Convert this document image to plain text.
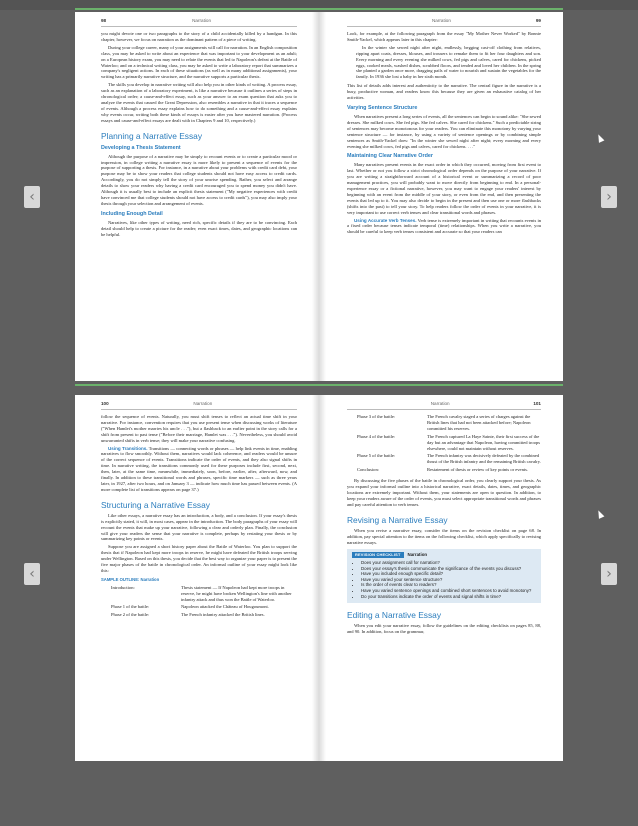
98	Narration

you might devote one or two paragraphs to the story of a child accidentally killed by a handgun. In this chapter, however, we focus on narration as the dominant pattern of a piece of writing.

During your college career, many of your assignments will call for narration. In an English composition class, you may be asked to write about an experience that was important to your development as an adult; on a European history exam, you may need to relate the events that led to Napoleon's defeat at the Battle of Waterloo; and on a technical writing class, you may be asked to write a laboratory report that summarizes a company's negligent actions. In each of these situations (as well as in many additional assignments), your writing has a primarily narrative structure, and the narrative supports a particular thesis.

The skills you develop in narrative writing will also help you in other kinds of writing. A process essay, such as an explanation of a laboratory experiment, is like a narrative because it outlines a series of steps in chronological order; a cause-and-effect essay, such as your answer to an exam question that asks you to analyze the events that caused the Great Depression, also resembles a narrative in that it traces a sequence of events. Although a process essay explains how to do something and a cause-and-effect essay explains why events occur, writing both these kinds of essays is easier after you have mastered narration. (Process essays and cause-and-effect essays are dealt with in Chapters 9 and 10, respectively.)

Planning a Narrative Essay
Developing a Thesis Statement

Although the purpose of a narrative may be simply to recount events or to create a particular mood or impression, in college writing a narrative essay is more likely to present a sequence of events for the purpose of supporting a thesis. For instance, in a narrative about your problems with credit card debt, your purpose may be to show your readers that college students should not have easy access to credit cards. Accordingly, you do not simply tell the story of your unwise spending. Rather, you select and arrange details to show your readers why having a credit card encouraged you to spend money you didn't have. Although it is usually best to include an explicit thesis statement ("My negative experiences with credit have convinced me that college students should not have access to credit cards"), you may also imply your thesis through your selection and arrangement of events.

Including Enough Detail

Narratives, like other types of writing, need rich, specific details if they are to be convincing. Each detail should help to create a picture for the reader; even exact times, dates, and geographic locations can be helpful.

Narration	99

Look, for example, at the following paragraph from the essay "My Mother Never Worked" by Bonnie Smith-Yackel, which appears later in this chapter:

In the winter she sewed night after night, endlessly, begging cast-off clothing from relatives, ripping apart coats, dresses, blouses, and trousers to remake them to fit her four daughters and son. Every morning and every evening she milked cows, fed pigs and calves, cared for chickens, picked eggs, cooked meals, washed dishes, scrubbed floors, and tended and loved her children. In the spring she planted a garden once more, dragging pails of water to nourish and sustain the vegetables for the family. In 1936 she lost a baby in her sixth month.

This list of details adds interest and authenticity to the narrative. The central figure in the narrative is a busy, productive woman, and readers know this because they are given an exhaustive catalog of her activities.

Varying Sentence Structure

When narratives present a long series of events, all the sentences can begin to sound alike: "She sewed dresses. She milked cows. She fed pigs. She fed calves. She cared for chickens." Such a predictable string of sentences may become monotonous for your readers. You can eliminate this monotony by varying your sentence structure — for instance, by using a variety of sentence openings or by combining simple sentences as Smith-Yackel does: "In the winter she sewed night after night; every morning and every evening she milked cows, fed pigs and calves, cared for chickens. . . ."

Maintaining Clear Narrative Order

Many narratives present events in the exact order in which they occurred, moving from first event to last. Whether or not you follow a strict chronological order depends on the purpose of your narrative. If you are writing a straightforward account of a historical event or summarizing a record of poor management practices, you will probably want to move directly from beginning to end. In a personal-experience essay or a fictional narrative, however, you may want to engage your readers' interest by beginning with an event from the middle of your story, or even from the end, and then presenting the events that led up to it. You may also decide to begin in the present and then use one or more flashbacks (shifts into the past) to tell your story. To help readers follow the order of events in your narrative, it is very important to use correct verb tenses and clear transitional words and phrases.

Using Accurate Verb Tenses. Verb tense is extremely important in writing that recounts events in a fixed order because tenses indicate temporal (time) relationships. When you write a narrative, you should be careful to keep verb tenses consistent and accurate so that your readers can

100	Narration

follow the sequence of events. Naturally, you must shift tenses to reflect an actual time shift in your narrative. For instance, convention requires that you use present tense when discussing works of literature ("When Hamlet's mother marries his uncle . . ."), but a flashback to an earlier point in the story calls for a shift from present to past tense ("Before their marriage, Hamlet was . . ."). Nevertheless, you should avoid unwarranted shifts in verb tense; they will make your narrative confusing.

Using Transitions. Transitions — connecting words or phrases — help link events in time, enabling narratives to flow smoothly. Without them, narratives would lack coherence, and readers would be unsure of the correct sequence of events. Transitions indicate the order of events, and they also signal shifts in time. In narrative writing, the transitions commonly used for these purposes include first, second, next, then, later, at the same time, meanwhile, immediately, soon, before, earlier, after, afterward, now, and finally. In addition to these transitional words and phrases, specific time markers — such as three years later, in 1927, after two hours, and on January 3 — indicate how much time has passed between events. (A more complete list of transitions appears on page 37.)

Structuring a Narrative Essay

Like other essays, a narrative essay has an introduction, a body, and a conclusion. If your essay's thesis is explicitly stated, it will, in most cases, appear in the introduction. The body paragraphs of your essay will recount the events that make up your narrative, following a clear and orderly plan. Finally, the conclusion will give your readers the sense that your narrative is complete, perhaps by restating your thesis or by summarizing key points or events.

Suppose you are assigned a short history paper about the Battle of Waterloo. You plan to support the thesis that if Napoleon had kept more troops in reserve, he might have defeated the British troops serving under Wellington. Based on this thesis, you decide that the best way to organize your paper is to present the five major phases of the battle in chronological order. An informal outline of your essay might look like this:

SAMPLE OUTLINE: Narration
Introduction:	Thesis statement — If Napoleon had kept more troops in reserve, he might have broken Wellington's line with another infantry attack and thus won the Battle of Waterloo.
Phase 1 of the battle:	Napoleon attacked the Château of Hougoumont.
Phase 2 of the battle:	The French infantry attacked the British lines.
Narration	101
Phase 3 of the battle:	The French cavalry staged a series of charges against the British lines that had not been attacked before; Napoleon committed his reserves.
Phase 4 of the battle:	The French captured La Haye Sainte, their first success of the day but an advantage that Napoleon, having committed troops elsewhere, could not maintain without reserves.
Phase 5 of the battle:	The French infantry was decisively defeated by the combined thrust of the British infantry and the remaining British cavalry.
Conclusion:	Restatement of thesis or review of key points or events.

By discussing the five phases of the battle in chronological order, you clearly support your thesis. As you expand your informal outline into a historical narrative, exact details, dates, times, and geographic locations are extremely important. Without them, your statements are open to question. In addition, to keep your readers aware of the order of events, you must select appropriate transitional words and phrases and pay careful attention to verb tenses.

Revising a Narrative Essay

When you revise a narrative essay, consider the items on the revision checklist on page 68. In addition, pay special attention to the items on the following checklist, which apply specifically to revising narrative essays.

REVISION CHECKLIST	Narration
• Does your assignment call for narration?
• Does your essay's thesis communicate the significance of the events you discuss?
• Have you included enough specific detail?
• Have you varied your sentence structure?
• Is the order of events clear to readers?
• Have you varied sentence openings and combined short sentences to avoid monotony?
• Do your transitions indicate the order of events and signal shifts in time?
Editing a Narrative Essay

When you edit your narrative essay, follow the guidelines on the editing checklists on pages 85, 88, and 90. In addition, focus on the grammar,

‹	›
‹	›
